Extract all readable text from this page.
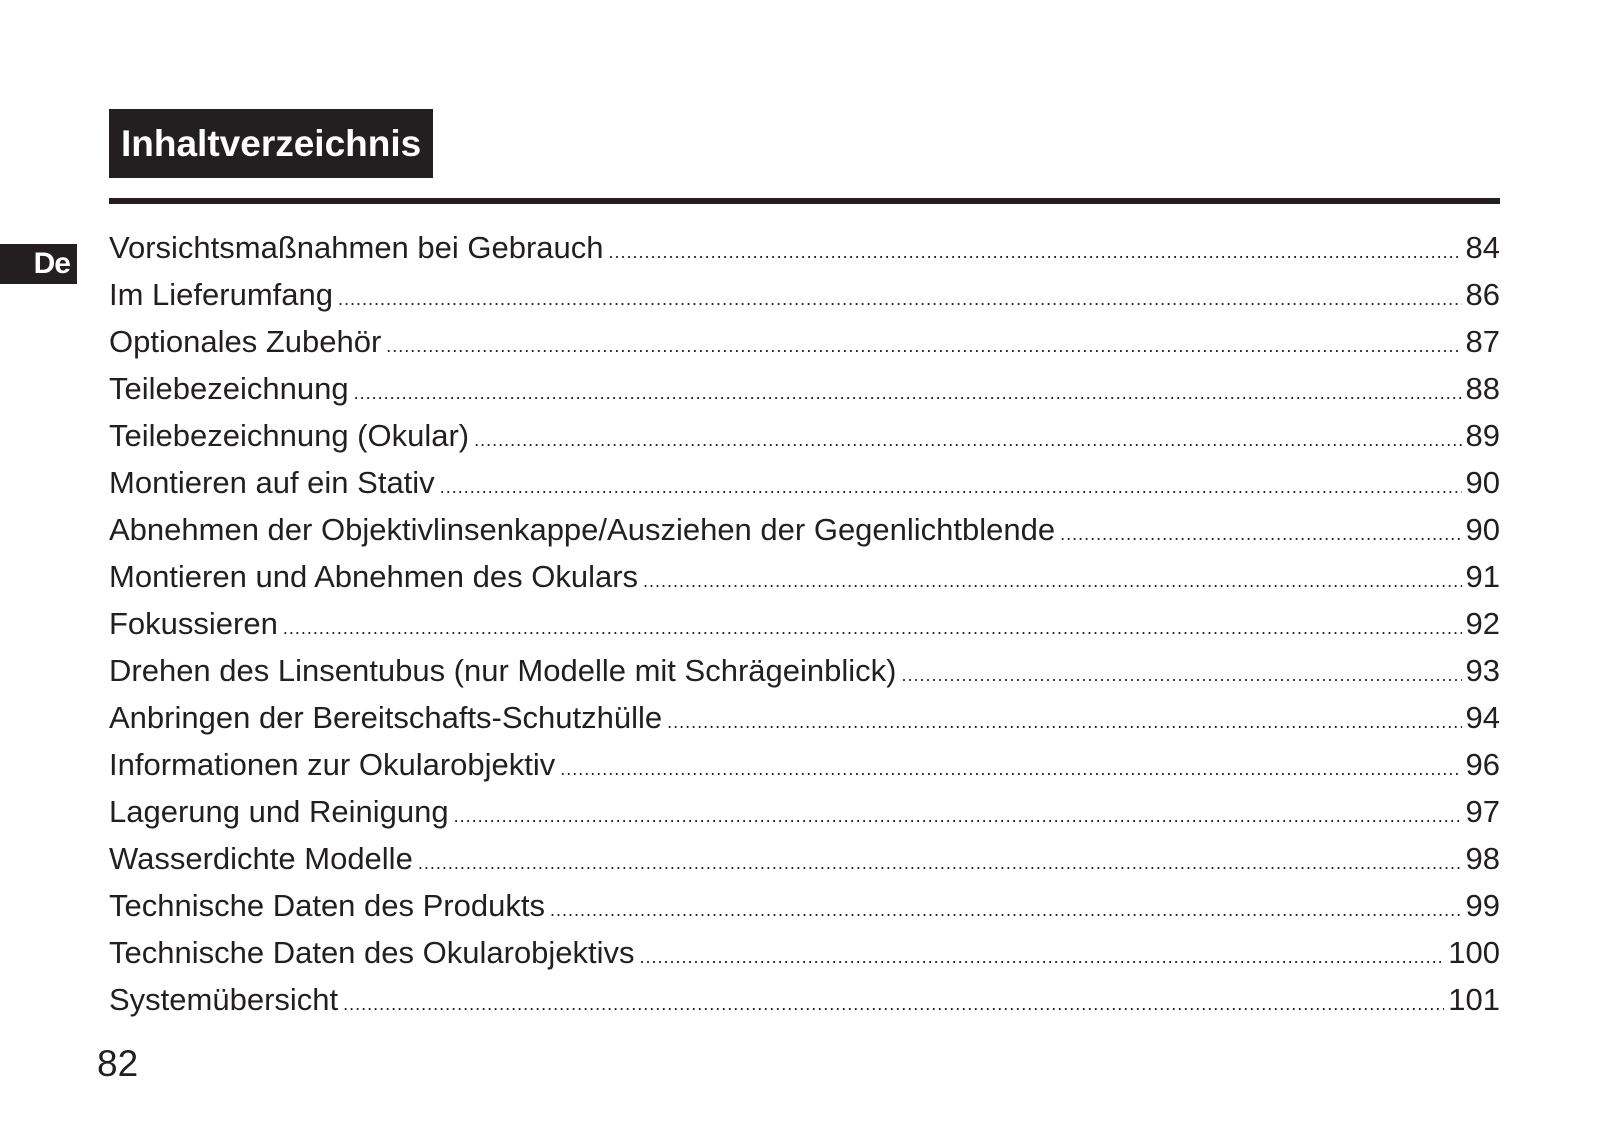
Inhaltverzeichnis
De Vorsichtsmaßnahmen bei Gebrauch .....	84
Im Lieferumfang .....	86
Optionales Zubehör .....	87
Teilebezeichnung .....	88
Teilebezeichnung (Okular) .....	89
Montieren auf ein Stativ .....	90
Abnehmen der Objektivlinsenkappe/Ausziehen der Gegenlichtblende .....	90
Montieren und Abnehmen des Okulars .....	91
Fokussieren .....	92
Drehen des Linsentubus (nur Modelle mit Schrägeinblick) .....	93
Anbringen der Bereitschafts-Schutzhülle .....	94
Informationen zur Okularobjektiv .....	96
Lagerung und Reinigung .....	97
Wasserdichte Modelle .....	98
Technische Daten des Produkts .....	99
Technische Daten des Okularobjektivs .....	100
Systemübersicht .....	101
82
